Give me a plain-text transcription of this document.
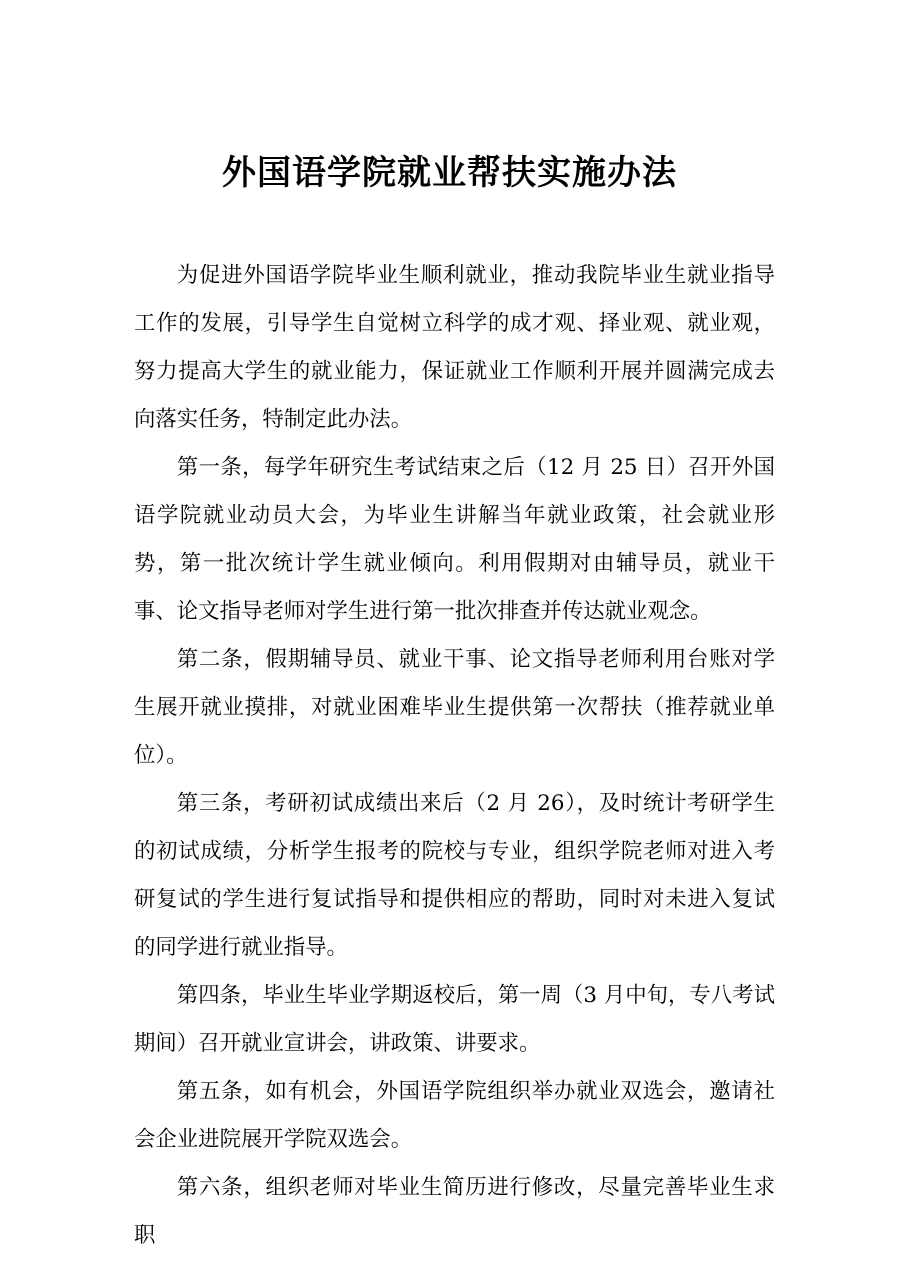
外国语学院就业帮扶实施办法

为促进外国语学院毕业生顺利就业，推动我院毕业生就业指导工作的发展，引导学生自觉树立科学的成才观、择业观、就业观，努力提高大学生的就业能力，保证就业工作顺利开展并圆满完成去向落实任务，特制定此办法。

第一条，每学年研究生考试结束之后（12 月 25 日）召开外国语学院就业动员大会，为毕业生讲解当年就业政策，社会就业形势，第一批次统计学生就业倾向。利用假期对由辅导员，就业干事、论文指导老师对学生进行第一批次排查并传达就业观念。

第二条，假期辅导员、就业干事、论文指导老师利用台账对学生展开就业摸排，对就业困难毕业生提供第一次帮扶（推荐就业单位）。

第三条，考研初试成绩出来后（2 月 26），及时统计考研学生的初试成绩，分析学生报考的院校与专业，组织学院老师对进入考研复试的学生进行复试指导和提供相应的帮助，同时对未进入复试的同学进行就业指导。

第四条，毕业生毕业学期返校后，第一周（3 月中旬，专八考试期间）召开就业宣讲会，讲政策、讲要求。

第五条，如有机会，外国语学院组织举办就业双选会，邀请社会企业进院展开学院双选会。

第六条，组织老师对毕业生简历进行修改，尽量完善毕业生求职
